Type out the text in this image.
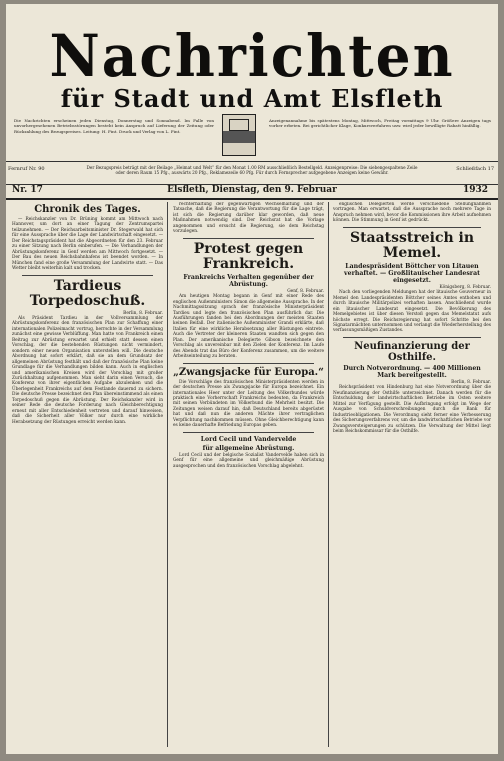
Nachrichten
für Stadt und Amt Elsfleth
Die Nachrichten erscheinen jeden Dienstag, Donnerstag und Sonnabend. Im Falle von unvorhergesehenen Betriebsstörungen besteht kein Anspruch auf Lieferung der Zeitung oder Rückzahlung des Bezugspreises. Leitung: H. Fint. Druck und Verlag von L. Fint.
Anzeigenannahme bis spätestens Montag, Mittwoch, Freitag vormittags 9 Uhr. Größere Anzeigen tags vorher erbeten. Bei gerichtlicher Klage, Konkursverfahren usw. wird jeder bewilligte Rabatt hinfällig.
Fernruf Nr. 90	Der Bezugspreis beträgt mit der Beilage „Heimat und Welt“ für den Monat 1.00 RM ausschließlich Bestellgeld. Anzeigenpreise: Die siebengespaltene Zeile oder deren Raum 15 Pfg., auswärts 20 Pfg., Reklamezeile 60 Pfg. Für durch Fernsprecher aufgegebene Anzeigen keine Gewähr.
Schließfach 17
Nr. 17	Elsfleth, Dienstag, den 9. Februar	1932
Chronik des Tages.

— Reichskanzler von Dr. Brüning kommt am Mittwoch nach Hannover, um dort an einer Tagung der Zentrumspartei teilzunehmen. — Der Reichsarbeitsminister Dr. Stegerwald hat sich für eine Aussprache über die Lage der Landwirtschaft eingesetzt. — Der Reichstagspräsident hat die Abgeordneten für den 23. Februar zu einer Sitzung nach Berlin einberufen. — Die Verhandlungen der Abrüstungskonferenz in Genf werden am Mittwoch fortgesetzt. — Der Bau des neuen Reichsbahnhafens ist beendet worden. — In München fand eine große Versammlung der Landwirte statt. — Das Wetter bleibt weiterhin kalt und trocken.

Tardieus Torpedoschuß.

Berlin, 8. Februar.

Als Präsident Tardieu in der Vollversammlung der Abrüstungskonferenz den französischen Plan zur Schaffung einer internationalen Polizeimacht vortrug, herrschte in der Versammlung zunächst eine gewisse Verblüffung. Man hatte von Frankreich einen Beitrag zur Abrüstung erwartet und erhielt statt dessen einen Vorschlag, der die bestehenden Rüstungen nicht vermindert, sondern einer neuen Organisation unterstellen will. Die deutsche Abordnung hat sofort erklärt, daß sie an dem Grundsatz der allgemeinen Abrüstung festhält und daß der französische Plan keine Grundlage für die Verhandlungen bilden kann. Auch in englischen und amerikanischen Kreisen wird der Vorschlag mit großer Zurückhaltung aufgenommen. Man sieht darin einen Versuch, die Konferenz von ihrer eigentlichen Aufgabe abzulenken und die Überlegenheit Frankreichs auf dem Festlande dauernd zu sichern. Die deutsche Presse bezeichnet den Plan übereinstimmend als einen Torpedoschuß gegen die Abrüstung. Der Reichskanzler wird in seiner Rede die deutsche Forderung nach Gleichberechtigung erneut mit aller Entschiedenheit vertreten und darauf hinweisen, daß die Sicherheit aller Völker nur durch eine wirkliche Herabsetzung der Rüstungen erreicht werden kann.

rechterhaltung der gegenwärtigen Wechselhaltung und der Tatsache, daß die Regierung die Verantwortung für die Lage trägt, ist sich die Regierung darüber klar geworden, daß neue Maßnahmen notwendig sind. Der Reichsrat hat die Vorlage angenommen und ersucht die Regierung, sie dem Reichstag vorzulegen.

Protest gegen Frankreich.
Frankreichs Verhalten gegenüber der Abrüstung.

Genf, 8. Februar.

Am heutigen Montag begann in Genf mit einer Rede des englischen Außenministers Simon die allgemeine Aussprache. In der Nachmittagssitzung sprach der französische Ministerpräsident Tardieu und legte den französischen Plan ausführlich dar. Die Ausführungen fanden bei den Abordnungen der meisten Staaten keinen Beifall. Der italienische Außenminister Grandi erklärte, daß Italien für eine wirkliche Herabsetzung aller Rüstungen eintrete. Auch die Vertreter der kleineren Staaten wandten sich gegen den Plan. Der amerikanische Delegierte Gibson bezeichnete den Vorschlag als unvereinbar mit den Zielen der Konferenz. Im Laufe des Abends trat das Büro der Konferenz zusammen, um die weitere Arbeitseinteilung zu beraten.

„Zwangsjacke für Europa.“

Die Vorschläge des französischen Ministerpräsidenten werden in der deutschen Presse als Zwangsjacke für Europa bezeichnet. Ein internationales Heer unter der Leitung des Völkerbundes würde praktisch eine Vorherrschaft Frankreichs bedeuten, da Frankreich mit seinen Verbündeten im Völkerbund die Mehrheit besitzt. Die Zeitungen weisen darauf hin, daß Deutschland bereits abgerüstet hat und daß nun die anderen Mächte ihrer vertraglichen Verpflichtung nachkommen müssen. Ohne Gleichberechtigung kann es keine dauerhafte Befriedung Europas geben.

Lord Cecil und Vandervelde
für allgemeine Abrüstung.

Lord Cecil und der belgische Sozialist Vandervelde haben sich in Genf für eine allgemeine und gleichmäßige Abrüstung ausgesprochen und den französischen Vorschlag abgelehnt.

englischen Delegierten werde verschiedene Stellungnahmen vortragen. Man erwartet, daß die Aussprache noch mehrere Tage in Anspruch nehmen wird, bevor die Kommissionen ihre Arbeit aufnehmen können. Die Stimmung in Genf ist gedrückt.

Staatsstreich in Memel.
Landespräsident Böttcher von Litauen verhaftet. — Großlitauischer Landesrat eingesetzt.

Königsberg, 8. Februar.

Nach den vorliegenden Meldungen hat der litauische Gouverneur in Memel den Landespräsidenten Böttcher seines Amtes enthoben und durch litauische Militärpolizei verhaften lassen. Anschließend wurde ein litauischer Landesrat eingesetzt. Die Bevölkerung des Memelgebietes ist über diesen Verstoß gegen das Memelstatut aufs höchste erregt. Die Reichsregierung hat sofort Schritte bei den Signatarmächten unternommen und verlangt die Wiederherstellung des verfassungsmäßigen Zustandes.

Neufinanzierung der Osthilfe.
Durch Notverordnung. — 400 Millionen Mark bereitgestellt.

Berlin, 8. Februar.

Reichspräsident von Hindenburg hat eine Notverordnung über die Neufinanzierung der Osthilfe unterzeichnet. Danach werden für die Entschuldung der landwirtschaftlichen Betriebe im Osten weitere Mittel zur Verfügung gestellt. Die Aufbringung erfolgt im Wege der Ausgabe von Schuldverschreibungen durch die Bank für Industrieobligationen. Die Verordnung sieht ferner eine Verbesserung des Sicherungsverfahrens vor, um die landwirtschaftlichen Betriebe vor Zwangsversteigerungen zu schützen. Die Verwaltung der Mittel liegt beim Reichskommissar für die Osthilfe.
